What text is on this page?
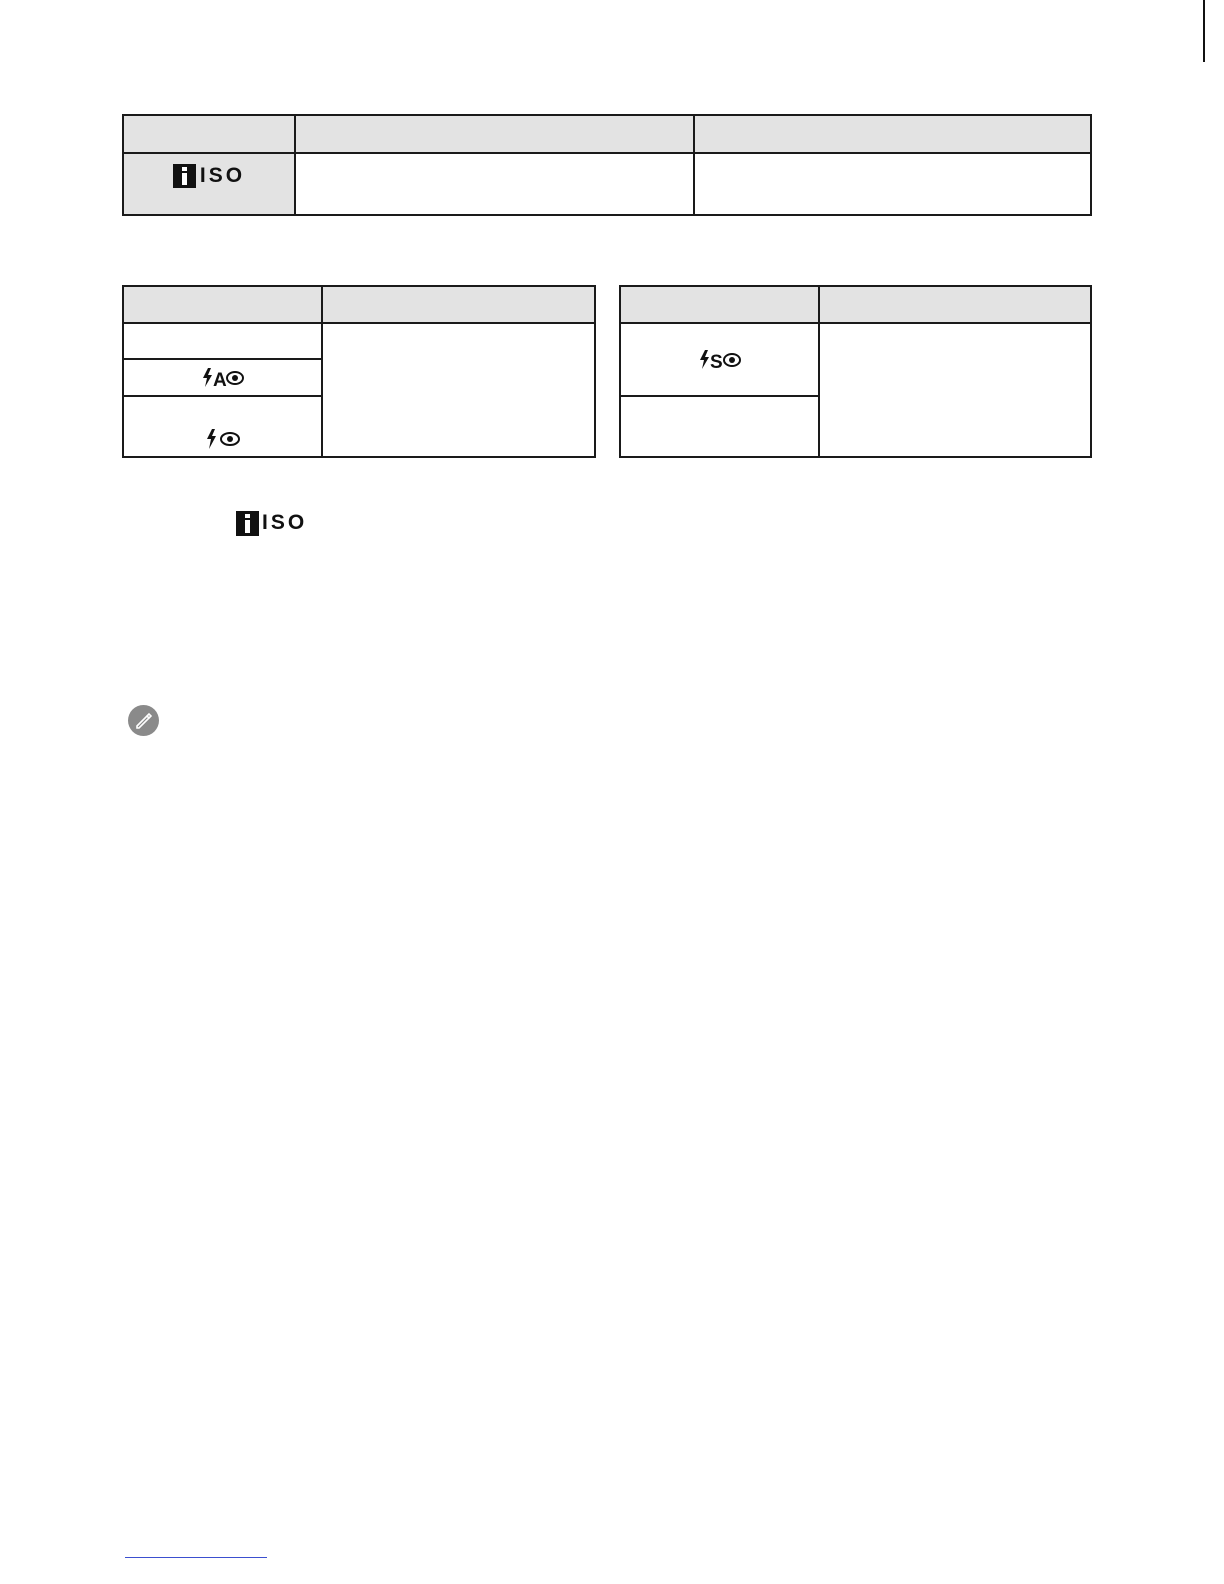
ISO		

A	

S	

ISO
